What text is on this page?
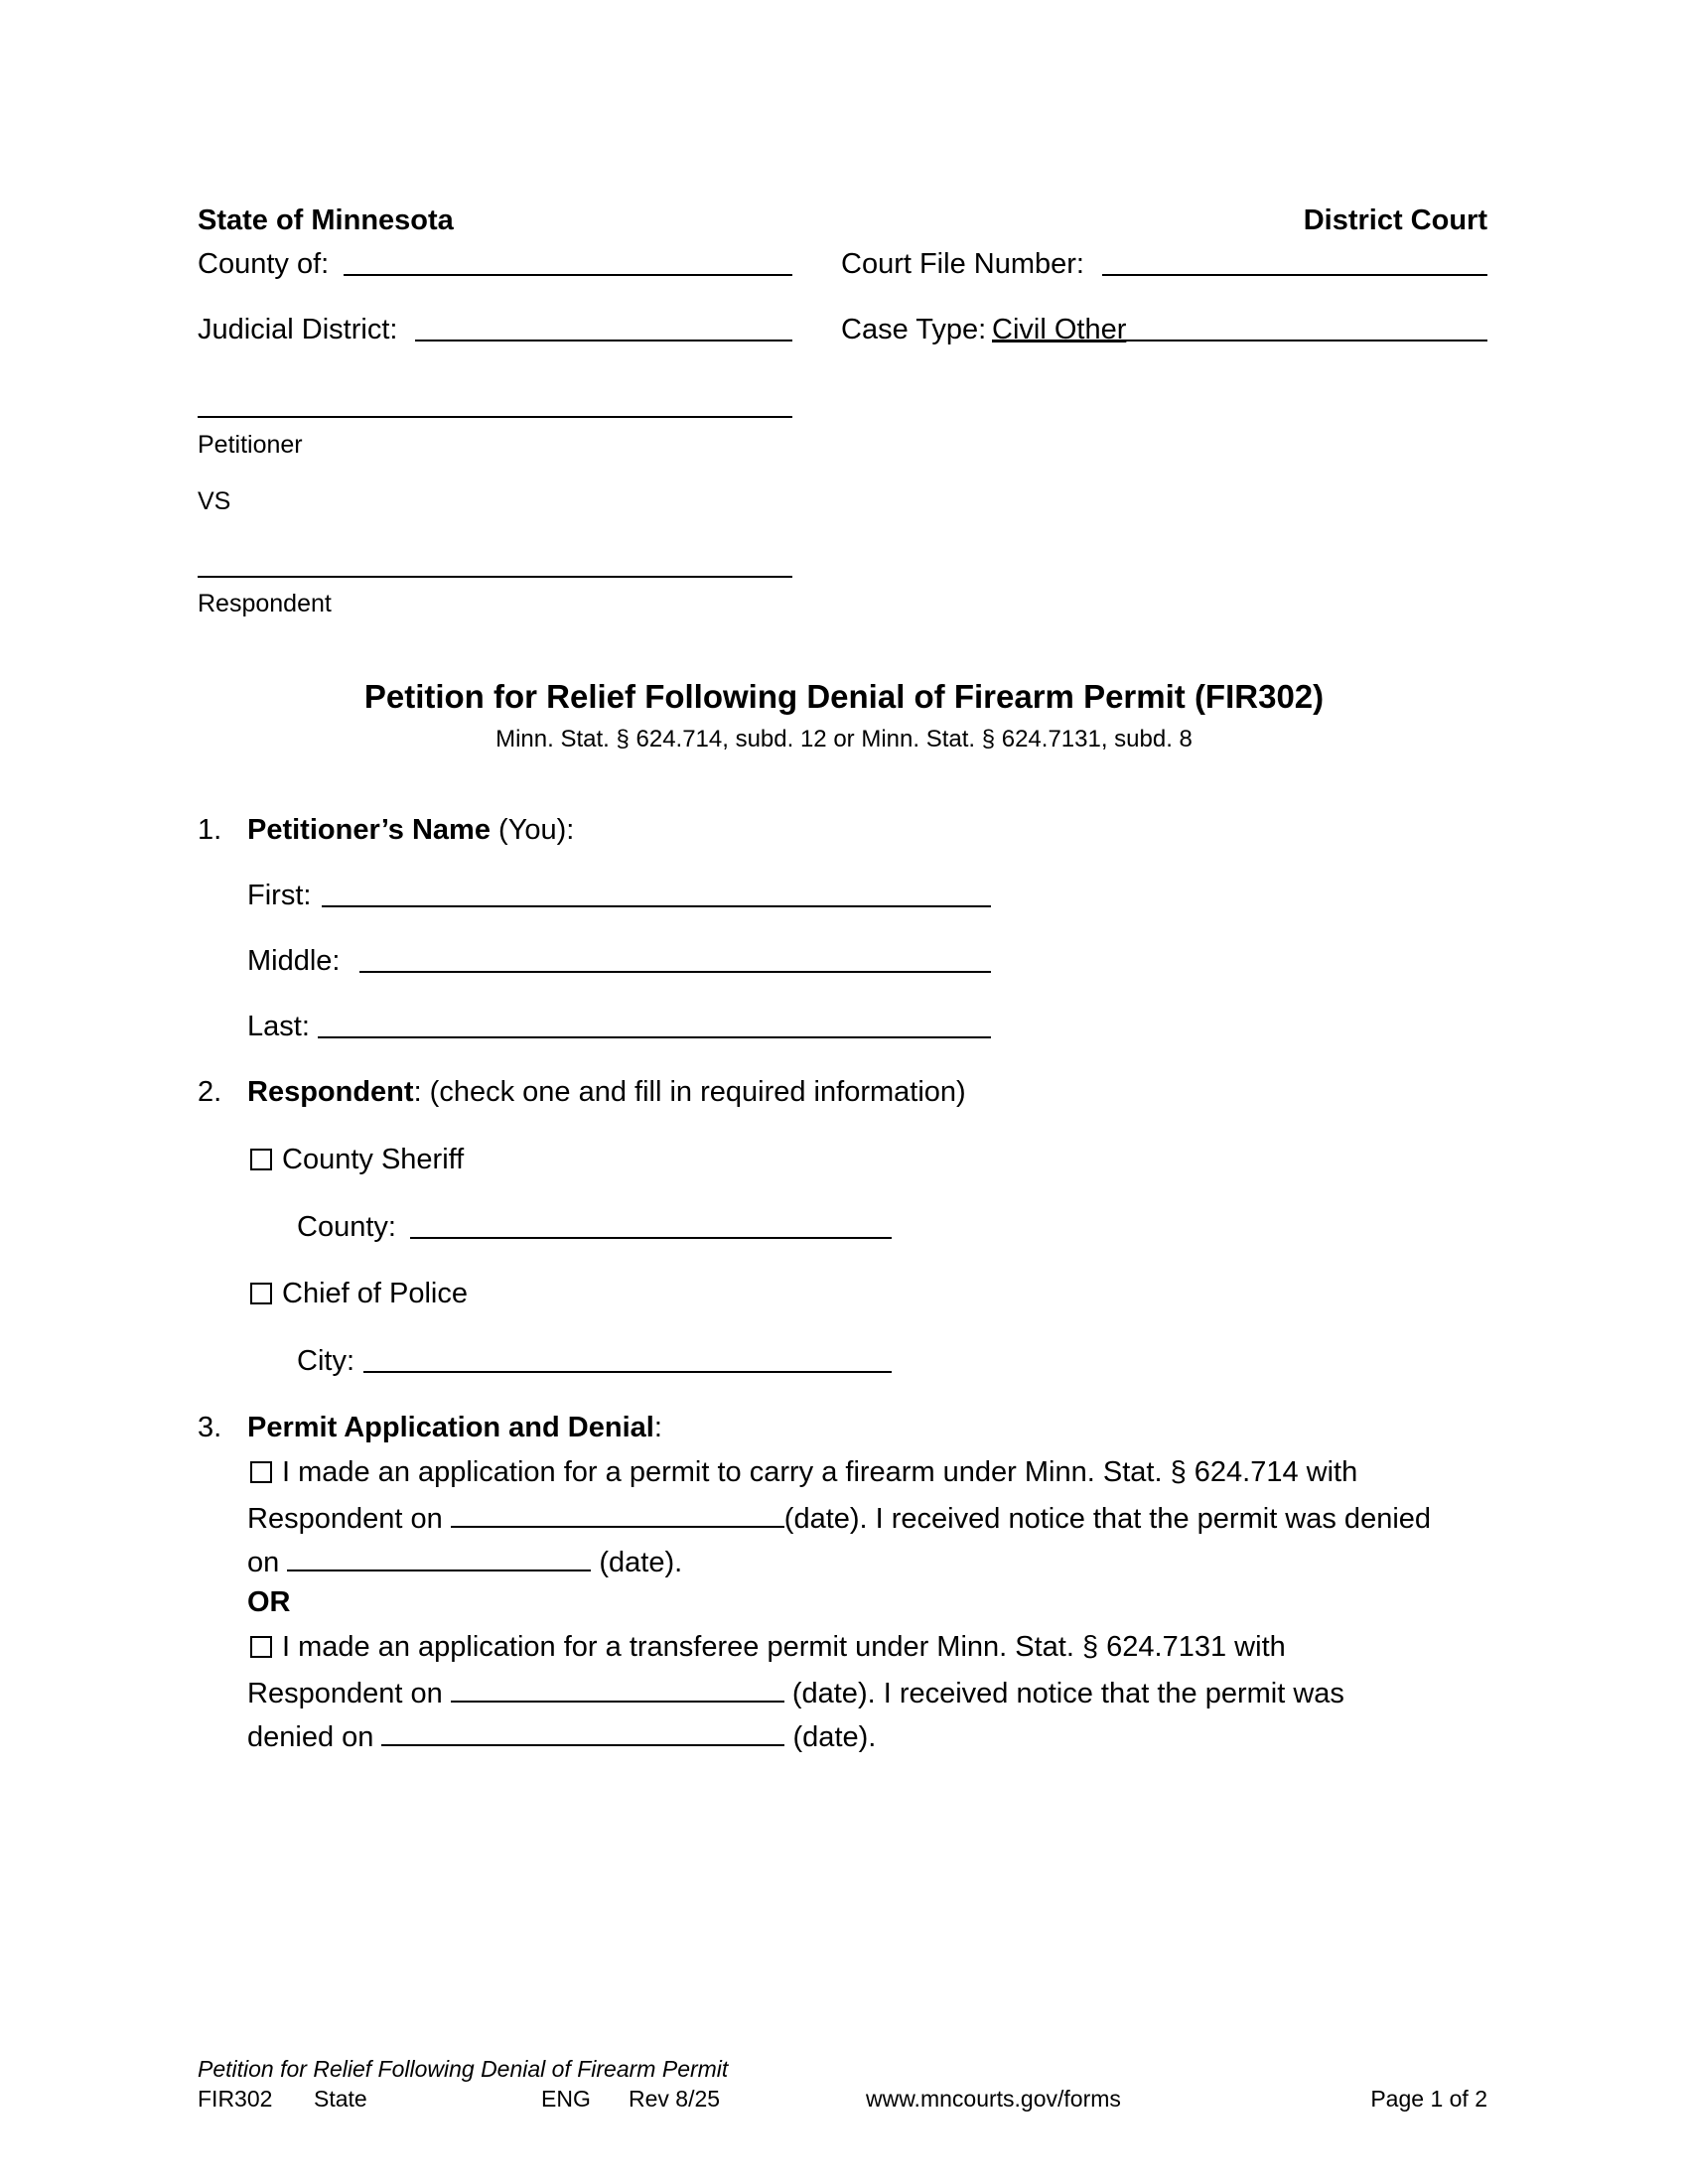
State of Minnesota	District Court
County of:	Court File Number:
Judicial District:	Case Type: Civil Other
Petitioner
VS
Respondent
Petition for Relief Following Denial of Firearm Permit (FIR302)
Minn. Stat. § 624.714, subd. 12 or Minn. Stat. § 624.7131, subd. 8
1. Petitioner’s Name (You):
First:
Middle:
Last:
2. Respondent: (check one and fill in required information)
County Sheriff
County:
Chief of Police
City:
3. Permit Application and Denial:
I made an application for a permit to carry a firearm under Minn. Stat. § 624.714 with
Respondent on	(date). I received notice that the permit was denied
on	(date).
OR
I made an application for a transferee permit under Minn. Stat. § 624.7131 with
Respondent on	(date). I received notice that the permit was
denied on	(date).
Petition for Relief Following Denial of Firearm Permit
FIR302 State	ENG Rev 8/25	www.mncourts.gov/forms	Page 1 of 2
